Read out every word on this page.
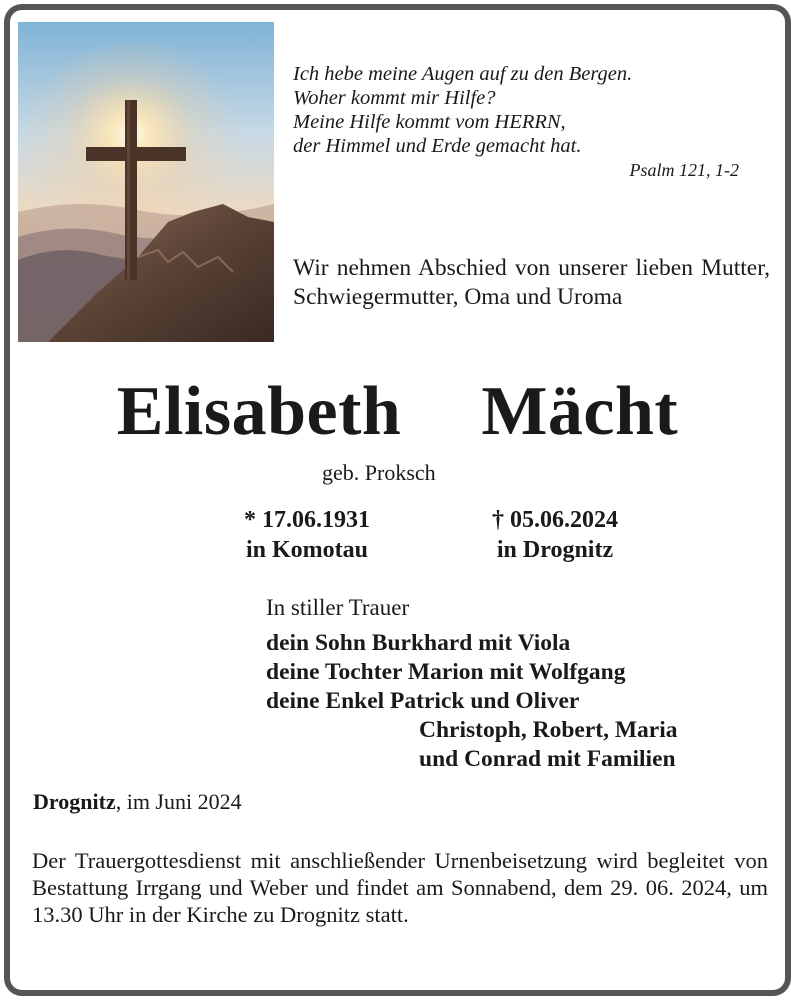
Ich hebe meine Augen auf zu den Bergen.
Woher kommt mir Hilfe?
Meine Hilfe kommt vom HERRN,
der Himmel und Erde gemacht hat.
Psalm 121, 1-2
Wir nehmen Abschied von unserer lieben Mutter, Schwiegermutter, Oma und Uroma
Elisabeth  Mächt
geb. Proksch
* 17.06.1931
in Komotau
† 05.06.2024
in Drognitz
In stiller Trauer
dein Sohn Burkhard mit Viola
deine Tochter Marion mit Wolfgang
deine Enkel Patrick und Oliver
Christoph, Robert, Maria
und Conrad mit Familien
Drognitz, im Juni 2024
Der Trauergottesdienst mit anschließender Urnenbeisetzung wird begleitet von Bestattung Irrgang und Weber und findet am Sonnabend, dem 29. 06. 2024, um 13.30 Uhr in der Kirche zu Drognitz statt.
